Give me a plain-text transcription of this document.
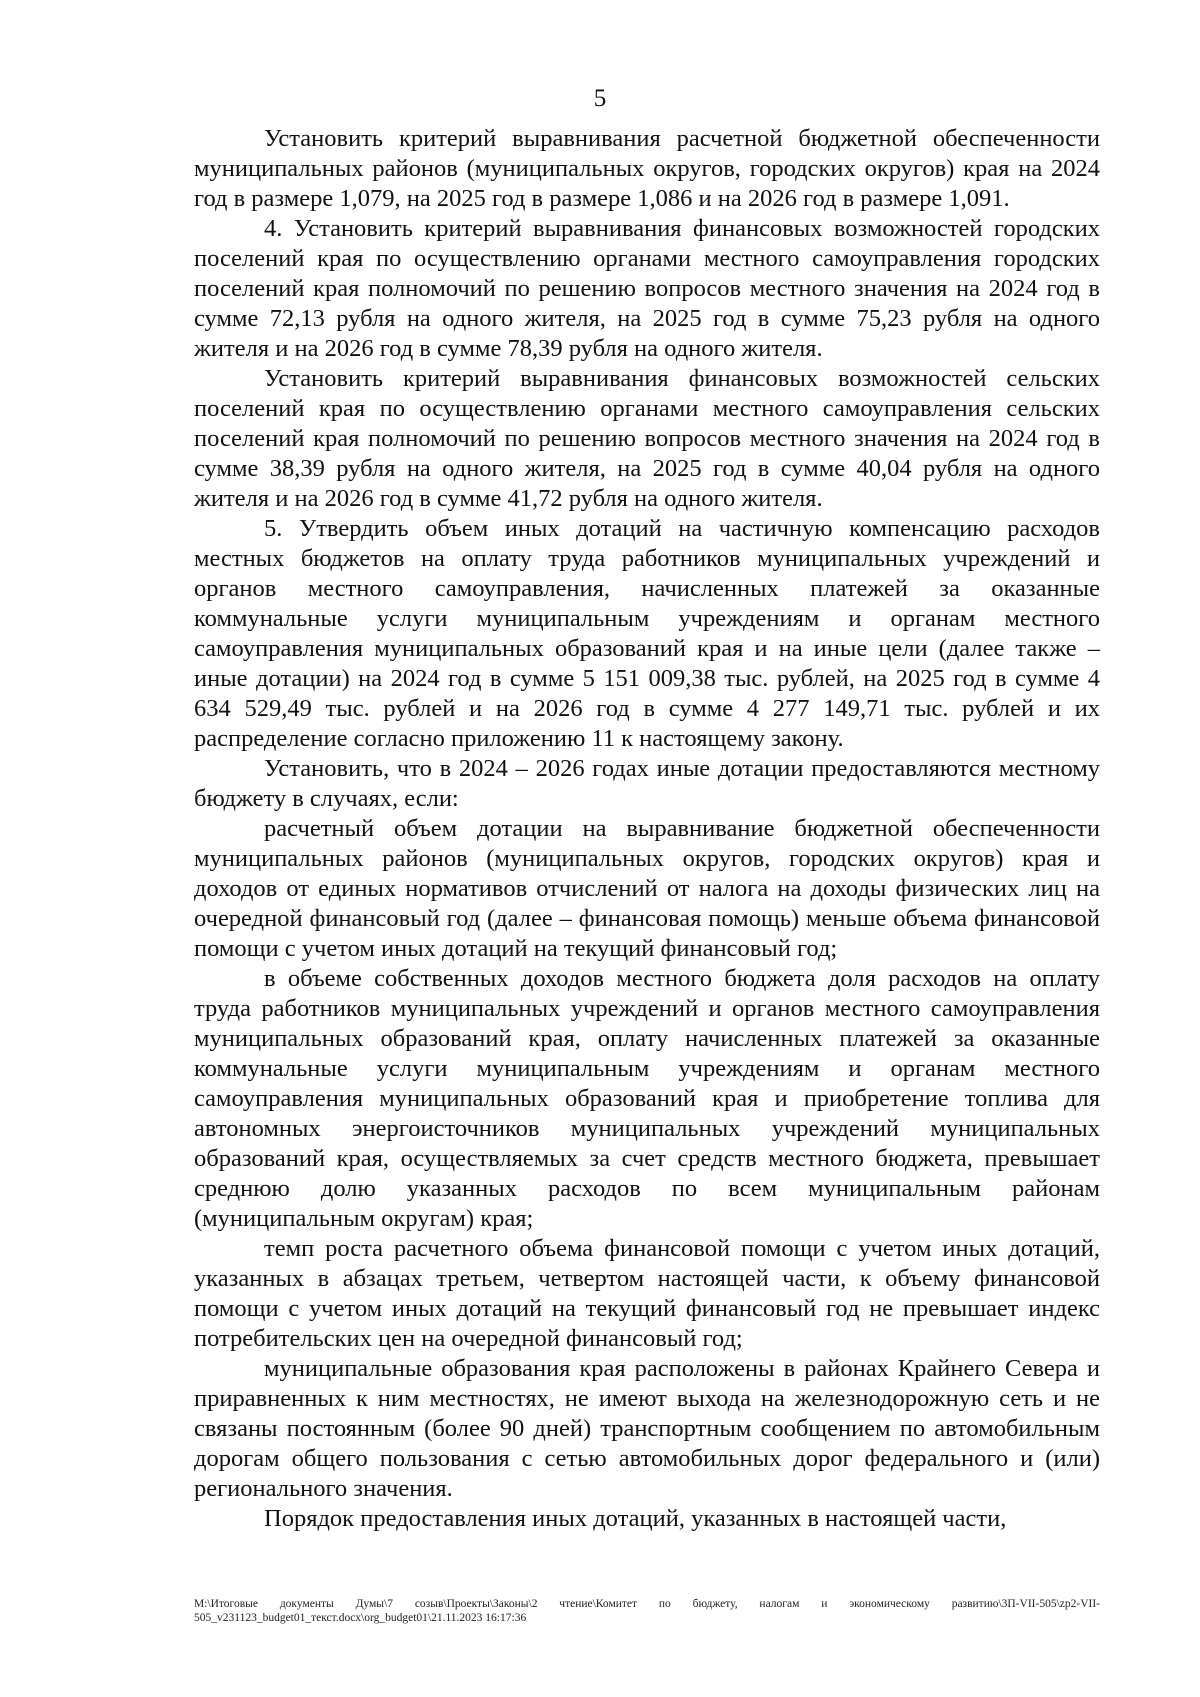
5

Установить критерий выравнивания расчетной бюджетной обеспеченности муниципальных районов (муниципальных округов, городских округов) края на 2024 год в размере 1,079, на 2025 год в размере 1,086 и на 2026 год в размере 1,091.

4. Установить критерий выравнивания финансовых возможностей городских поселений края по осуществлению органами местного самоуправления городских поселений края полномочий по решению вопросов местного значения на 2024 год в сумме 72,13 рубля на одного жителя, на 2025 год в сумме 75,23 рубля на одного жителя и на 2026 год в сумме 78,39 рубля на одного жителя.

Установить критерий выравнивания финансовых возможностей сельских поселений края по осуществлению органами местного самоуправления сельских поселений края полномочий по решению вопросов местного значения на 2024 год в сумме 38,39 рубля на одного жителя, на 2025 год в сумме 40,04 рубля на одного жителя и на 2026 год в сумме 41,72 рубля на одного жителя.

5. Утвердить объем иных дотаций на частичную компенсацию расходов местных бюджетов на оплату труда работников муниципальных учреждений и органов местного самоуправления, начисленных платежей за оказанные коммунальные услуги муниципальным учреждениям и органам местного самоуправления муниципальных образований края и на иные цели (далее также – иные дотации) на 2024 год в сумме 5 151 009,38 тыс. рублей, на 2025 год в сумме 4 634 529,49 тыс. рублей и на 2026 год в сумме 4 277 149,71 тыс. рублей и их распределение согласно приложению 11 к настоящему закону.

Установить, что в 2024 – 2026 годах иные дотации предоставляются местному бюджету в случаях, если:

расчетный объем дотации на выравнивание бюджетной обеспеченности муниципальных районов (муниципальных округов, городских округов) края и доходов от единых нормативов отчислений от налога на доходы физических лиц на очередной финансовый год (далее – финансовая помощь) меньше объема финансовой помощи с учетом иных дотаций на текущий финансовый год;

в объеме собственных доходов местного бюджета доля расходов на оплату труда работников муниципальных учреждений и органов местного самоуправления муниципальных образований края, оплату начисленных платежей за оказанные коммунальные услуги муниципальным учреждениям и органам местного самоуправления муниципальных образований края и приобретение топлива для автономных энергоисточников муниципальных учреждений муниципальных образований края, осуществляемых за счет средств местного бюджета, превышает среднюю долю указанных расходов по всем муниципальным районам (муниципальным округам) края;

темп роста расчетного объема финансовой помощи с учетом иных дотаций, указанных в абзацах третьем, четвертом настоящей части, к объему финансовой помощи с учетом иных дотаций на текущий финансовый год не превышает индекс потребительских цен на очередной финансовый год;

муниципальные образования края расположены в районах Крайнего Севера и приравненных к ним местностях, не имеют выхода на железнодорожную сеть и не связаны постоянным (более 90 дней) транспортным сообщением по автомобильным дорогам общего пользования с сетью автомобильных дорог федерального и (или) регионального значения.

Порядок предоставления иных дотаций, указанных в настоящей части,

M:\Итоговые документы Думы\7 созыв\Проекты\Законы\2 чтение\Комитет по бюджету, налогам и экономическому развитию\3П-VII-505\zp2-VII-505_v231123_budget01_текст.docx\org_budget01\21.11.2023 16:17:36
